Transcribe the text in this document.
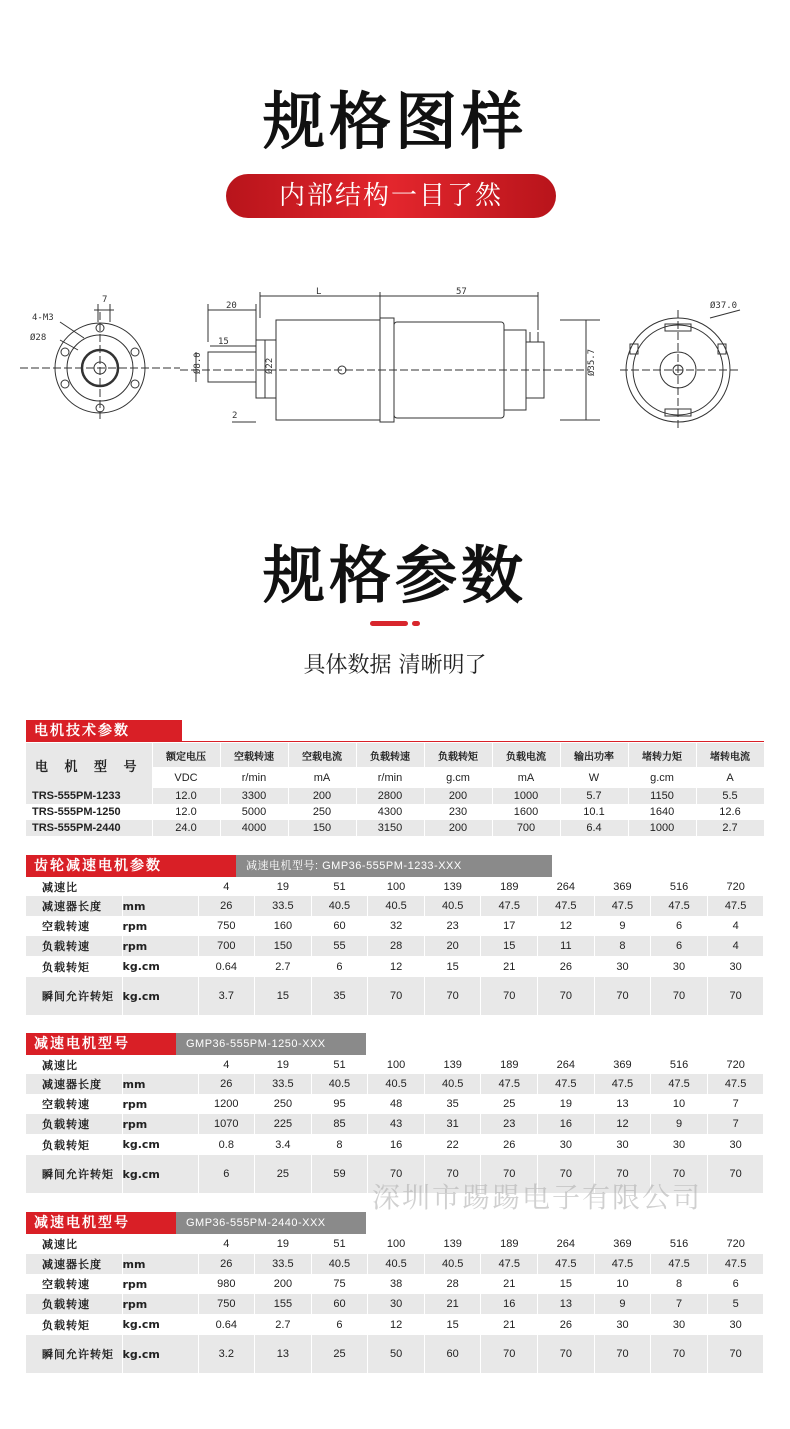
规格图样
内部结构一目了然
4-M3
Ø28
7
20
L	57
15
Ø8.0	Ø22	Ø35.7
2
Ø37.0
规格参数
具体数据 清晰明了
电机技术参数
电 机 型 号	额定电压	空载转速	空载电流	负载转速	负载转矩	负载电流	输出功率	堵转力矩	堵转电流
	VDC	r/min	mA	r/min	g.cm	mA	W	g.cm	A
TRS-555PM-1233	12.0	3300	200	2800	200	1000	5.7	1150	5.5
TRS-555PM-1250	12.0	5000	250	4300	230	1600	10.1	1640	12.6
TRS-555PM-2440	24.0	4000	150	3150	200	700	6.4	1000	2.7
齿轮减速电机参数	减速电机型号: GMP36-555PM-1233-XXX
减速比		4	19	51	100	139	189	264	369	516	720
减速器长度	mm	26	33.5	40.5	40.5	40.5	47.5	47.5	47.5	47.5	47.5
空载转速	rpm	750	160	60	32	23	17	12	9	6	4
负载转速	rpm	700	150	55	28	20	15	11	8	6	4
负载转矩	kg.cm	0.64	2.7	6	12	15	21	26	30	30	30
瞬间允许转矩	kg.cm	3.7	15	35	70	70	70	70	70	70	70
减速电机型号	GMP36-555PM-1250-XXX
减速比		4	19	51	100	139	189	264	369	516	720
减速器长度	mm	26	33.5	40.5	40.5	40.5	47.5	47.5	47.5	47.5	47.5
空载转速	rpm	1200	250	95	48	35	25	19	13	10	7
负载转速	rpm	1070	225	85	43	31	23	16	12	9	7
负载转矩	kg.cm	0.8	3.4	8	16	22	26	30	30	30	30
瞬间允许转矩	kg.cm	6	25	59	70	70	70	70	70	70	70
深圳市踢踢电子有限公司
减速电机型号	GMP36-555PM-2440-XXX
减速比		4	19	51	100	139	189	264	369	516	720
减速器长度	mm	26	33.5	40.5	40.5	40.5	47.5	47.5	47.5	47.5	47.5
空载转速	rpm	980	200	75	38	28	21	15	10	8	6
负载转速	rpm	750	155	60	30	21	16	13	9	7	5
负载转矩	kg.cm	0.64	2.7	6	12	15	21	26	30	30	30
瞬间允许转矩	kg.cm	3.2	13	25	50	60	70	70	70	70	70
